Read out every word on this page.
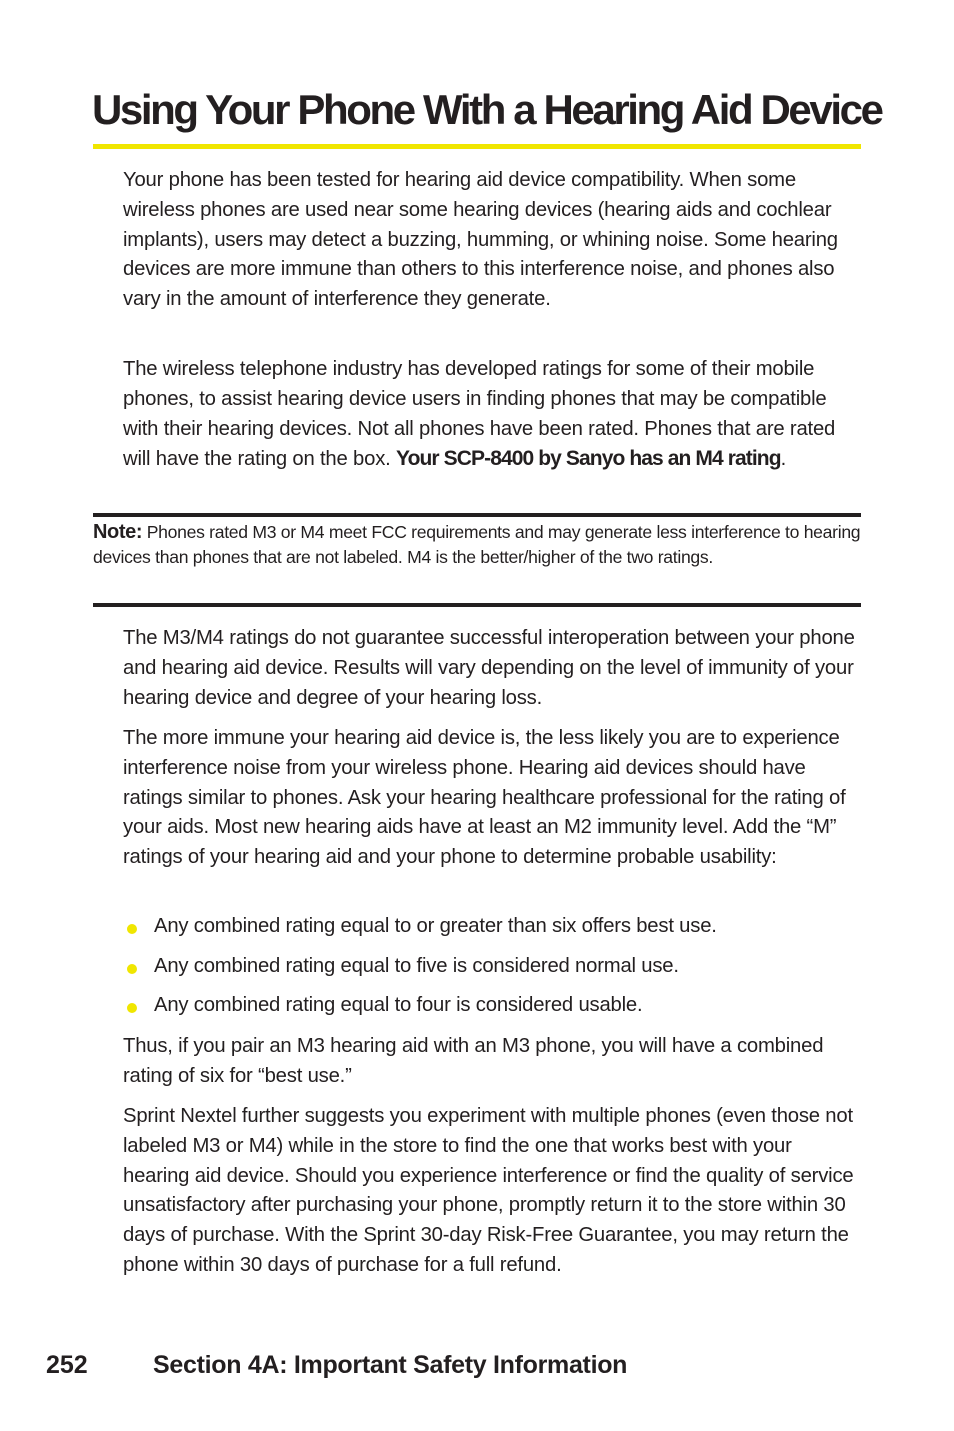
Using Your Phone With a Hearing Aid Device

Your phone has been tested for hearing aid device compatibility. When some wireless phones are used near some hearing devices (hearing aids and cochlear implants), users may detect a buzzing, humming, or whining noise. Some hearing devices are more immune than others to this interference noise, and phones also vary in the amount of interference they generate.

The wireless telephone industry has developed ratings for some of their mobile phones, to assist hearing device users in finding phones that may be compatible with their hearing devices. Not all phones have been rated. Phones that are rated will have the rating on the box. Your SCP-8400 by Sanyo has an M4 rating.

Note: Phones rated M3 or M4 meet FCC requirements and may generate less interference to hearing devices than phones that are not labeled. M4 is the better/higher of the two ratings.

The M3/M4 ratings do not guarantee successful interoperation between your phone and hearing aid device. Results will vary depending on the level of immunity of your hearing device and degree of your hearing loss.

The more immune your hearing aid device is, the less likely you are to experience interference noise from your wireless phone. Hearing aid devices should have ratings similar to phones. Ask your hearing healthcare professional for the rating of your aids. Most new hearing aids have at least an M2 immunity level. Add the “M” ratings of your hearing aid and your phone to determine probable usability:

Any combined rating equal to or greater than six offers best use.
Any combined rating equal to five is considered normal use.
Any combined rating equal to four is considered usable.

Thus, if you pair an M3 hearing aid with an M3 phone, you will have a combined rating of six for “best use.”

Sprint Nextel further suggests you experiment with multiple phones (even those not labeled M3 or M4) while in the store to find the one that works best with your hearing aid device. Should you experience interference or find the quality of service unsatisfactory after purchasing your phone, promptly return it to the store within 30 days of purchase. With the Sprint 30-day Risk-Free Guarantee, you may return the phone within 30 days of purchase for a full refund.

252	Section 4A: Important Safety Information
